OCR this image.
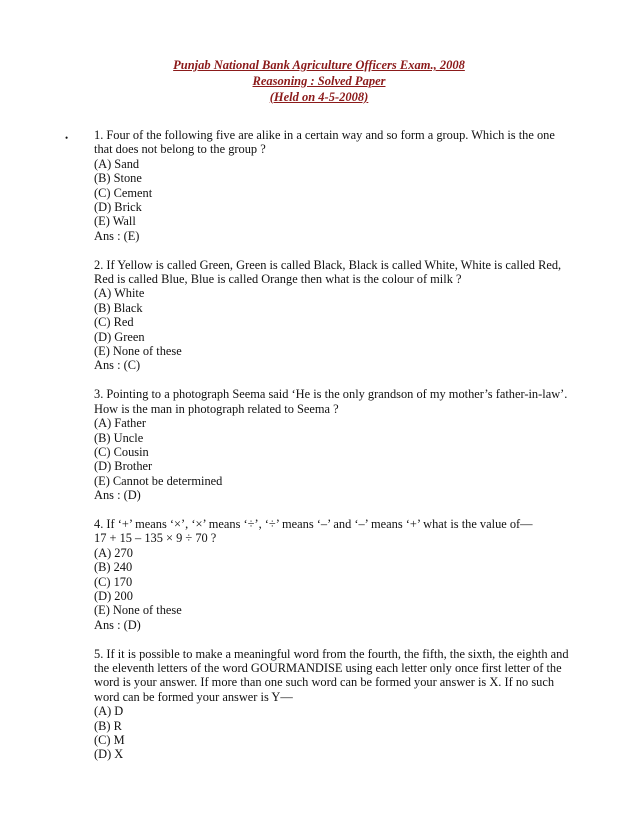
Punjab National Bank Agriculture Officers Exam., 2008
Reasoning : Solved Paper
(Held on 4-5-2008)
• 1. Four of the following five are alike in a certain way and so form a group. Which is the one
that does not belong to the group ?
(A) Sand
(B) Stone
(C) Cement
(D) Brick
(E) Wall
Ans : (E)
2. If Yellow is called Green, Green is called Black, Black is called White, White is called Red,
Red is called Blue, Blue is called Orange then what is the colour of milk ?
(A) White
(B) Black
(C) Red
(D) Green
(E) None of these
Ans : (C)
3. Pointing to a photograph Seema said ‘He is the only grandson of my mother’s father-in-law’.
How is the man in photograph related to Seema ?
(A) Father
(B) Uncle
(C) Cousin
(D) Brother
(E) Cannot be determined
Ans : (D)
4. If ‘+’ means ‘×’, ‘×’ means ‘÷’, ‘÷’ means ‘–’ and ‘–’ means ‘+’ what is the value of—
17 + 15 – 135 × 9 ÷ 70 ?
(A) 270
(B) 240
(C) 170
(D) 200
(E) None of these
Ans : (D)
5. If it is possible to make a meaningful word from the fourth, the fifth, the sixth, the eighth and
the eleventh letters of the word GOURMANDISE using each letter only once first letter of the
word is your answer. If more than one such word can be formed your answer is X. If no such
word can be formed your answer is Y—
(A) D
(B) R
(C) M
(D) X
